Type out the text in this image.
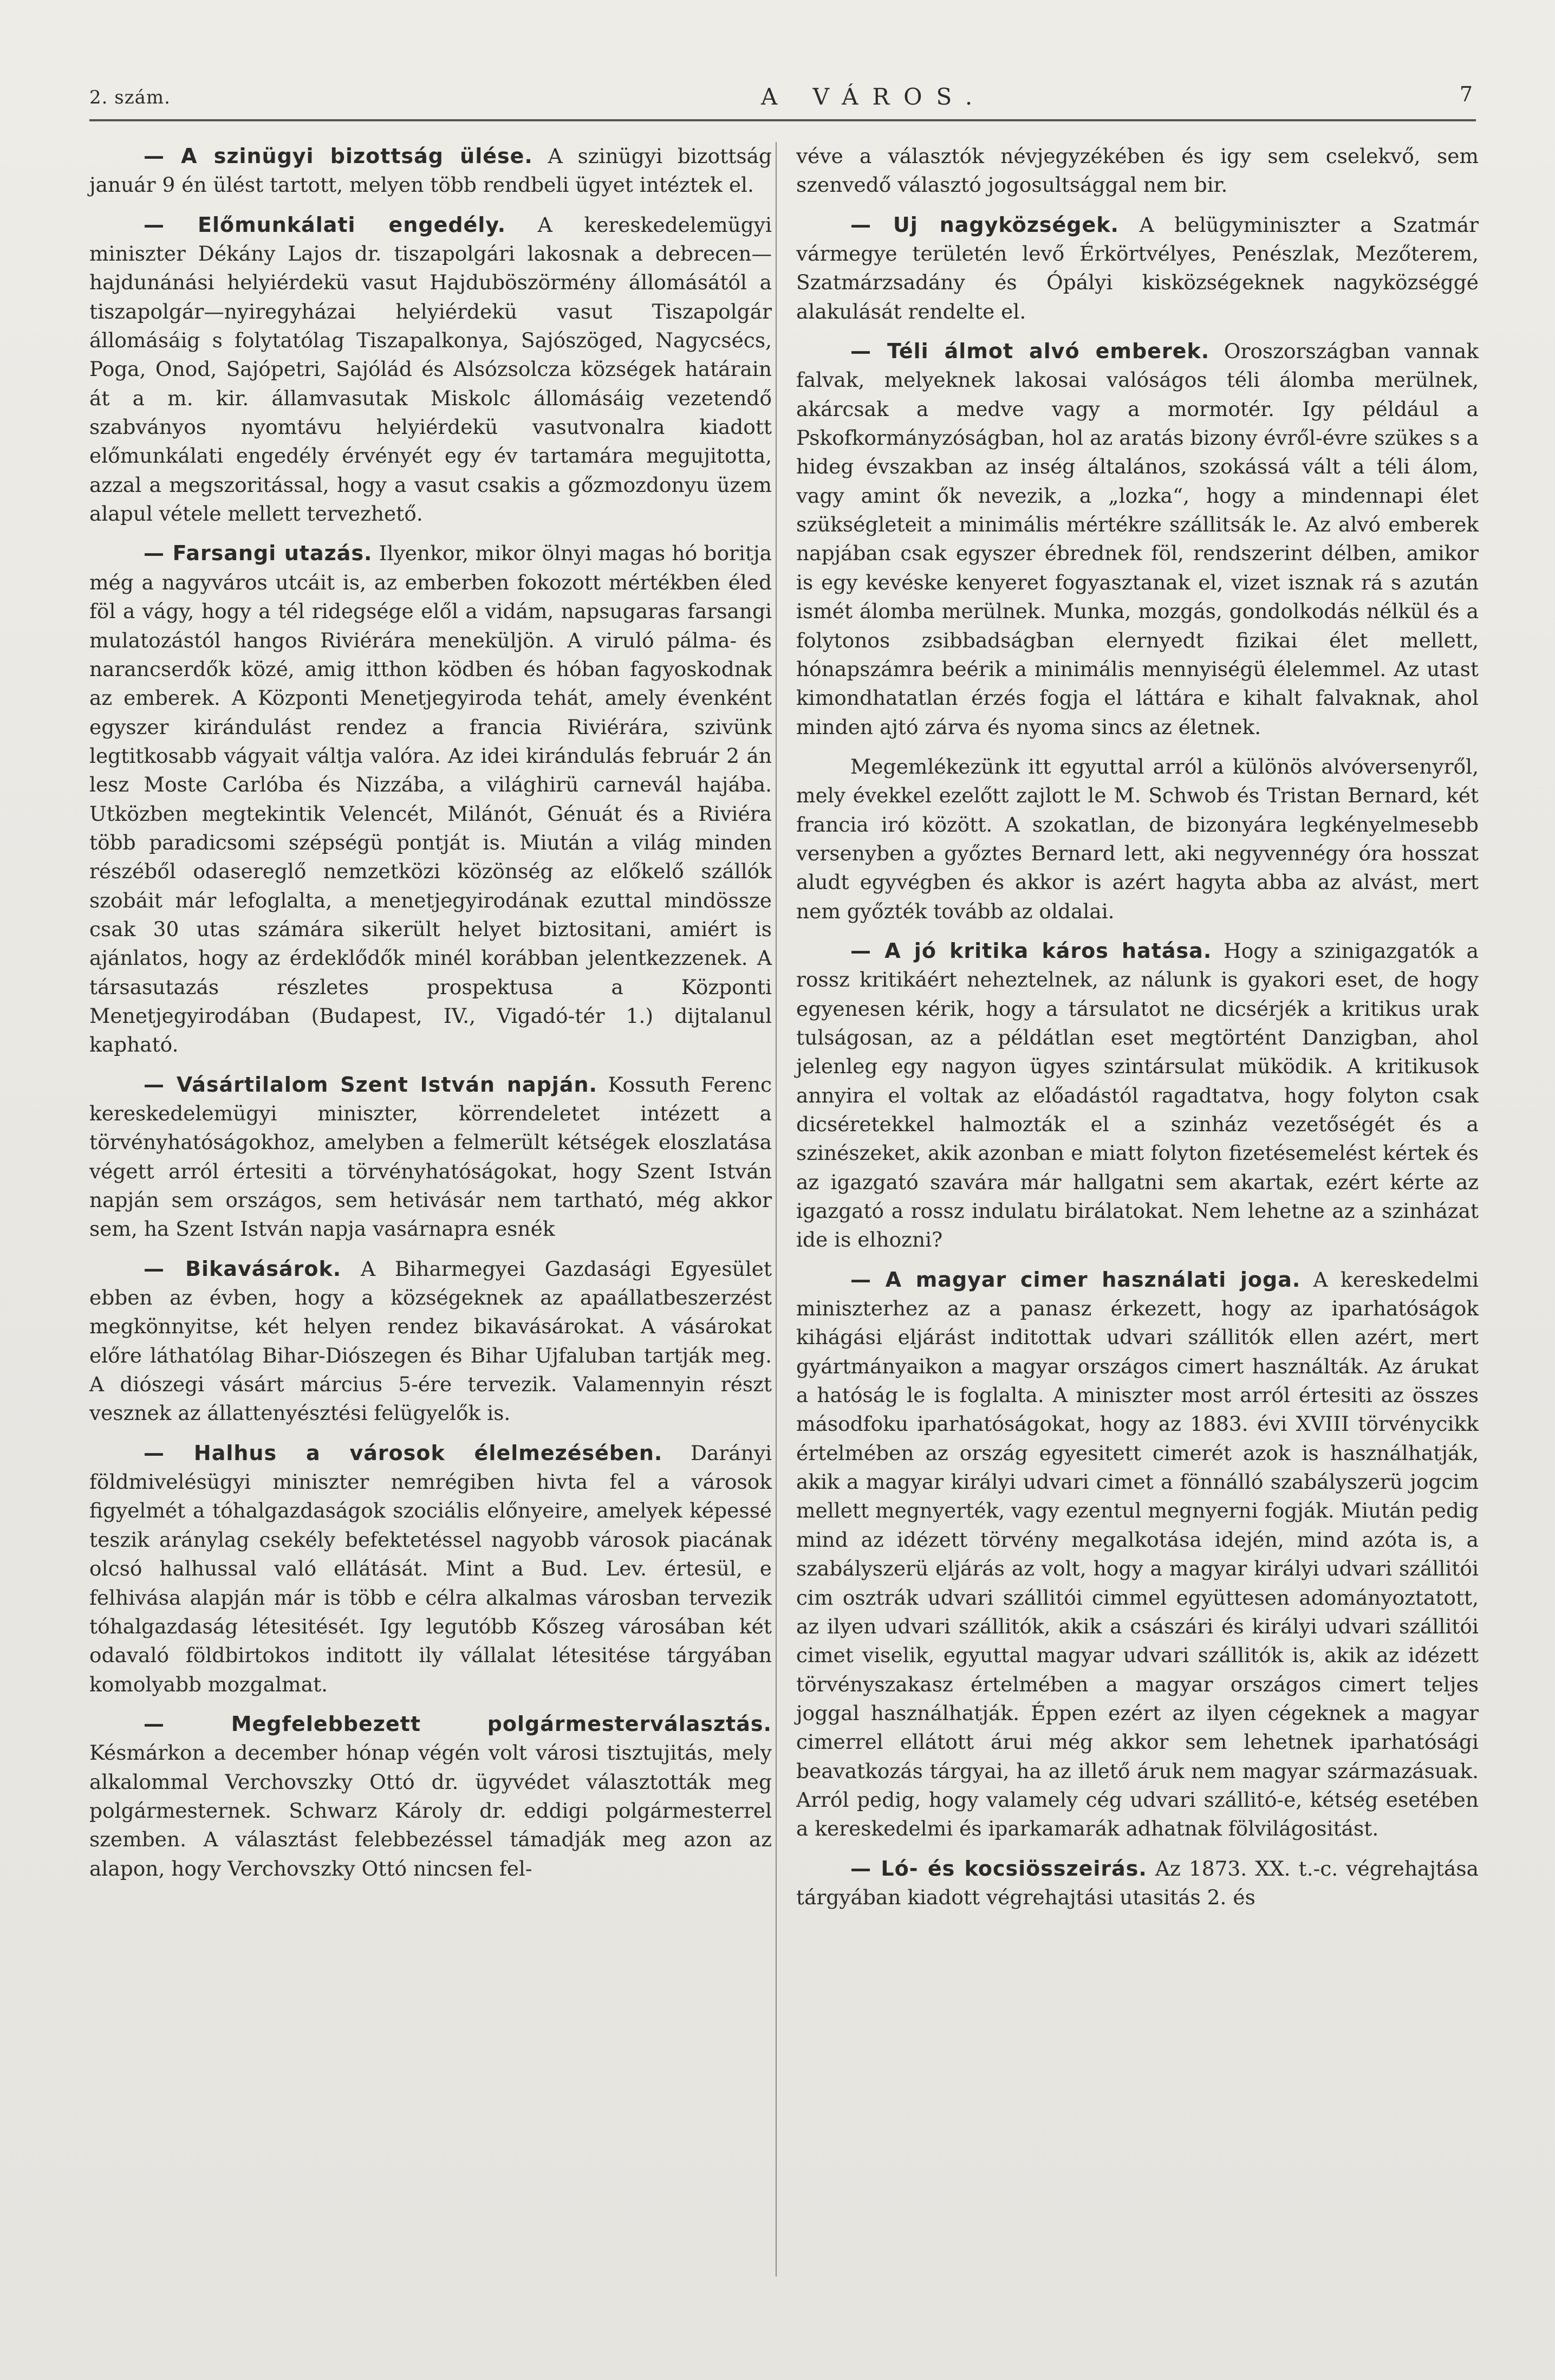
2. szám.	A VÁROS.	7

— A szinügyi bizottság ülése. A szinügyi bizottság január 9 én ülést tartott, melyen több rendbeli ügyet intéztek el.

— Előmunkálati engedély. A kereskedelemügyi miniszter Dékány Lajos dr. tiszapolgári lakosnak a debrecen—hajdunánási helyiérdekü vasut Hajduböszörmény állomásától a tiszapolgár—nyiregyházai helyiérdekü vasut Tiszapolgár állomásáig s folytatólag Tiszapalkonya, Sajószöged, Nagycsécs, Poga, Onod, Sajópetri, Sajólád és Alsózsolcza községek határain át a m. kir. államvasutak Miskolc állomásáig vezetendő szabványos nyomtávu helyiérdekü vasutvonalra kiadott előmunkálati engedély érvényét egy év tartamára megujitotta, azzal a megszoritással, hogy a vasut csakis a gőzmozdonyu üzem alapul vétele mellett tervezhető.

— Farsangi utazás. Ilyenkor, mikor ölnyi magas hó boritja még a nagyváros utcáit is, az emberben fokozott mértékben éled föl a vágy, hogy a tél ridegsége elől a vidám, napsugaras farsangi mulatozástól hangos Riviérára meneküljön. A viruló pálma- és narancserdők közé, amig itthon ködben és hóban fagyoskodnak az emberek. A Központi Menetjegyiroda tehát, amely évenként egyszer kirándulást rendez a francia Riviérára, szivünk legtitkosabb vágyait váltja valóra. Az idei kirándulás február 2 án lesz Moste Carlóba és Nizzába, a világhirü carnevál hajába. Utközben megtekintik Velencét, Milánót, Génuát és a Riviéra több paradicsomi szépségü pontját is. Miután a világ minden részéből odasereglő nemzetközi közönség az előkelő szállók szobáit már lefoglalta, a menetjegyirodának ezuttal mindössze csak 30 utas számára sikerült helyet biztositani, amiért is ajánlatos, hogy az érdeklődők minél korábban jelentkezzenek. A társasutazás részletes prospektusa a Központi Menetjegyirodában (Budapest, IV., Vigadó-tér 1.) dijtalanul kapható.

— Vásártilalom Szent István napján. Kossuth Ferenc kereskedelemügyi miniszter, körrendeletet intézett a törvényhatóságokhoz, amelyben a felmerült kétségek eloszlatása végett arról értesiti a törvényhatóságokat, hogy Szent István napján sem országos, sem hetivásár nem tartható, még akkor sem, ha Szent István napja vasárnapra esnék

— Bikavásárok. A Biharmegyei Gazdasági Egyesület ebben az évben, hogy a községeknek az apaállatbeszerzést megkönnyitse, két helyen rendez bikavásárokat. A vásárokat előre láthatólag Bihar-Diószegen és Bihar Ujfaluban tartják meg. A diószegi vásárt március 5-ére tervezik. Valamennyin részt vesznek az állattenyésztési felügyelők is.

— Halhus a városok élelmezésében. Darányi földmivelésügyi miniszter nemrégiben hivta fel a városok figyelmét a tóhalgazdaságok szociális előnyeire, amelyek képessé teszik aránylag csekély befektetéssel nagyobb városok piacának olcsó halhussal való ellátását. Mint a Bud. Lev. értesül, e felhivása alapján már is több e célra alkalmas városban tervezik tóhalgazdaság létesitését. Igy legutóbb Kőszeg városában két odavaló földbirtokos inditott ily vállalat létesitése tárgyában komolyabb mozgalmat.

— Megfelebbezett polgármesterválasztás. Késmárkon a december hónap végén volt városi tisztujitás, mely alkalommal Verchovszky Ottó dr. ügyvédet választották meg polgármesternek. Schwarz Károly dr. eddigi polgármesterrel szemben. A választást felebbezéssel támadják meg azon az alapon, hogy Verchovszky Ottó nincsen fel-

véve a választók névjegyzékében és igy sem cselekvő, sem szenvedő választó jogosultsággal nem bir.

— Uj nagyközségek. A belügyminiszter a Szatmár vármegye területén levő Érkörtvélyes, Penészlak, Mezőterem, Szatmárzsadány és Ópályi kisközségeknek nagyközséggé alakulását rendelte el.

— Téli álmot alvó emberek. Oroszországban vannak falvak, melyeknek lakosai valóságos téli álomba merülnek, akárcsak a medve vagy a mormotér. Igy például a Pskofkormányzóságban, hol az aratás bizony évről-évre szükes s a hideg évszakban az inség általános, szokássá vált a téli álom, vagy amint ők nevezik, a „lozka“, hogy a mindennapi élet szükségleteit a minimális mértékre szállitsák le. Az alvó emberek napjában csak egyszer ébrednek föl, rendszerint délben, amikor is egy kevéske kenyeret fogyasztanak el, vizet isznak rá s azután ismét álomba merülnek. Munka, mozgás, gondolkodás nélkül és a folytonos zsibbadságban elernyedt fizikai élet mellett, hónapszámra beérik a minimális mennyiségü élelemmel. Az utast kimondhatatlan érzés fogja el láttára e kihalt falvaknak, ahol minden ajtó zárva és nyoma sincs az életnek.

Megemlékezünk itt egyuttal arról a különös alvóversenyről, mely évekkel ezelőtt zajlott le M. Schwob és Tristan Bernard, két francia iró között. A szokatlan, de bizonyára legkényelmesebb versenyben a győztes Bernard lett, aki negyvennégy óra hosszat aludt egyvégben és akkor is azért hagyta abba az alvást, mert nem győzték tovább az oldalai.

— A jó kritika káros hatása. Hogy a szinigazgatók a rossz kritikáért neheztelnek, az nálunk is gyakori eset, de hogy egyenesen kérik, hogy a társulatot ne dicsérjék a kritikus urak tulságosan, az a példátlan eset megtörtént Danzigban, ahol jelenleg egy nagyon ügyes szintársulat müködik. A kritikusok annyira el voltak az előadástól ragadtatva, hogy folyton csak dicséretekkel halmozták el a szinház vezetőségét és a szinészeket, akik azonban e miatt folyton fizetésemelést kértek és az igazgató szavára már hallgatni sem akartak, ezért kérte az igazgató a rossz indulatu birálatokat. Nem lehetne az a szinházat ide is elhozni?

— A magyar cimer használati joga. A kereskedelmi miniszterhez az a panasz érkezett, hogy az iparhatóságok kihágási eljárást inditottak udvari szállitók ellen azért, mert gyártmányaikon a magyar országos cimert használták. Az árukat a hatóság le is foglalta. A miniszter most arról értesiti az összes másodfoku iparhatóságokat, hogy az 1883. évi XVIII törvénycikk értelmében az ország egyesitett cimerét azok is használhatják, akik a magyar királyi udvari cimet a fönnálló szabályszerü jogcim mellett megnyerték, vagy ezentul megnyerni fogják. Miután pedig mind az idézett törvény megalkotása idején, mind azóta is, a szabályszerü eljárás az volt, hogy a magyar királyi udvari szállitói cim osztrák udvari szállitói cimmel együttesen adományoztatott, az ilyen udvari szállitók, akik a császári és királyi udvari szállitói cimet viselik, egyuttal magyar udvari szállitók is, akik az idézett törvényszakasz értelmében a magyar országos cimert teljes joggal használhatják. Éppen ezért az ilyen cégeknek a magyar cimerrel ellátott árui még akkor sem lehetnek iparhatósági beavatkozás tárgyai, ha az illető áruk nem magyar származásuak. Arról pedig, hogy valamely cég udvari szállitó-e, kétség esetében a kereskedelmi és iparkamarák adhatnak fölvilágositást.

— Ló- és kocsiösszeirás. Az 1873. XX. t.-c. végrehajtása tárgyában kiadott végrehajtási utasitás 2. és
